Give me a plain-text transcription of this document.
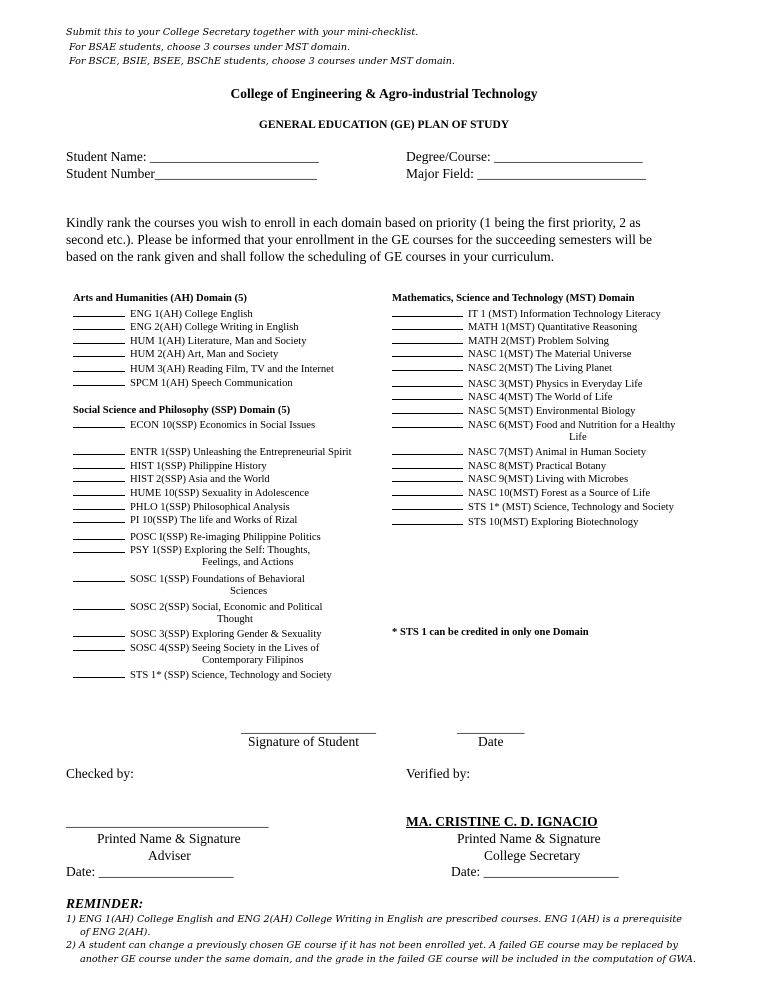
Submit this to your College Secretary together with your mini-checklist.
For BSAE students, choose 3 courses under MST domain.
For BSCE, BSIE, BSEE, BSChE students, choose 3 courses under MST domain.
College of Engineering & Agro-industrial Technology
GENERAL EDUCATION (GE) PLAN OF STUDY
Student Name: _________________________
Student Number________________________
Degree/Course: ______________________
Major Field: _________________________
Kindly rank the courses you wish to enroll in each domain based on priority (1 being the first priority, 2 as
second etc.). Please be informed that your enrollment in the GE courses for the succeeding semesters will be
based on the rank given and shall follow the scheduling of GE courses in your curriculum.
Arts and Humanities (AH) Domain (5)
ENG 1(AH) College English
ENG 2(AH) College Writing in English
HUM 1(AH) Literature, Man and Society
HUM 2(AH) Art, Man and Society
HUM 3(AH) Reading Film, TV and the Internet
SPCM 1(AH) Speech Communication
Social Science and Philosophy (SSP) Domain (5)
ECON 10(SSP) Economics in Social Issues
ENTR 1(SSP) Unleashing the Entrepreneurial Spirit
HIST 1(SSP) Philippine History
HIST 2(SSP) Asia and the World
HUME 10(SSP) Sexuality in Adolescence
PHLO 1(SSP) Philosophical Analysis
PI 10(SSP) The life and Works of Rizal
POSC I(SSP) Re-imaging Philippine Politics
PSY 1(SSP) Exploring the Self: Thoughts,
Feelings, and Actions
SOSC 1(SSP) Foundations of Behavioral
Sciences
SOSC 2(SSP) Social, Economic and Political
Thought
SOSC 3(SSP) Exploring Gender & Sexuality
SOSC 4(SSP) Seeing Society in the Lives of
Contemporary Filipinos
STS 1* (SSP) Science, Technology and Society
Mathematics, Science and Technology (MST) Domain
IT 1 (MST) Information Technology Literacy
MATH 1(MST) Quantitative Reasoning
MATH 2(MST) Problem Solving
NASC 1(MST) The Material Universe
NASC 2(MST) The Living Planet
NASC 3(MST) Physics in Everyday Life
NASC 4(MST) The World of Life
NASC 5(MST) Environmental Biology
NASC 6(MST) Food and Nutrition for a Healthy
Life
NASC 7(MST) Animal in Human Society
NASC 8(MST) Practical Botany
NASC 9(MST) Living with Microbes
NASC 10(MST) Forest as a Source of Life
STS 1* (MST) Science, Technology and Society
STS 10(MST) Exploring Biotechnology
* STS 1 can be credited in only one Domain
____________________
Signature of Student
__________
Date
Checked by:
______________________________
Printed Name & Signature
Adviser
Date: ____________________
Verified by:
MA. CRISTINE C. D. IGNACIO
Printed Name & Signature
College Secretary
Date: ____________________
REMINDER:
1) ENG 1(AH) College English and ENG 2(AH) College Writing in English are prescribed courses. ENG 1(AH) is a prerequisite
of ENG 2(AH).
2) A student can change a previously chosen GE course if it has not been enrolled yet. A failed GE course may be replaced by
another GE course under the same domain, and the grade in the failed GE course will be included in the computation of GWA.
